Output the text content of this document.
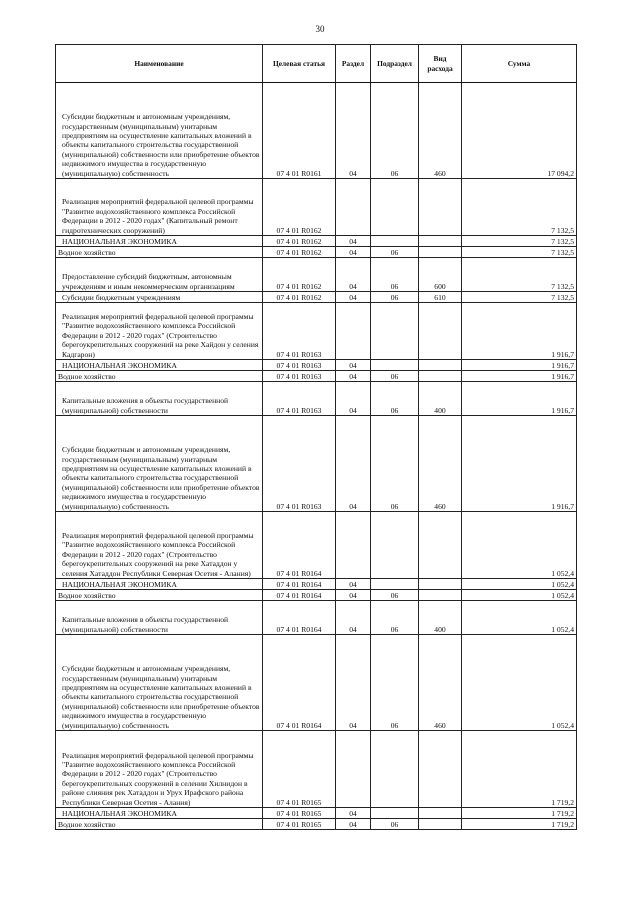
30
Наименование	Целевая статья	Раздел	Подраздел	Вид расхода	Сумма
Субсидии бюджетным и автономным учреждениям, государственным (муниципальным) унитарным предприятиям на осуществление капитальных вложений в объекты капитального строительства государственной (муниципальной) собственности или приобретение объектов недвижимого имущества в государственную (муниципальную) собственность	07 4 01 R0161	04	06	460	17 094,2
Реализация мероприятий федеральной целевой программы "Развитие водохозяйственного комплекса Российской Федерации в 2012 - 2020 годах" (Капитальный ремонт гидротехнических сооружений)	07 4 01 R0162				7 132,5
НАЦИОНАЛЬНАЯ ЭКОНОМИКА	07 4 01 R0162	04			7 132,5
Водное хозяйство	07 4 01 R0162	04	06		7 132,5
Предоставление субсидий бюджетным, автономным учреждениям и иным некоммерческим организациям	07 4 01 R0162	04	06	600	7 132,5
Субсидии бюджетным учреждениям	07 4 01 R0162	04	06	610	7 132,5
Реализация мероприятий федеральной целевой программы "Развитие водохозяйственного комплекса Российской Федерации в 2012 - 2020 годах" (Строительство берегоукрепительных сооружений на реке Хайдон у селения Кадгарон)	07 4 01 R0163				1 916,7
НАЦИОНАЛЬНАЯ ЭКОНОМИКА	07 4 01 R0163	04			1 916,7
Водное хозяйство	07 4 01 R0163	04	06		1 916,7
Капитальные вложения в объекты государственной (муниципальной) собственности	07 4 01 R0163	04	06	400	1 916,7
Субсидии бюджетным и автономным учреждениям, государственным (муниципальным) унитарным предприятиям на осуществление капитальных вложений в объекты капитального строительства государственной (муниципальной) собственности или приобретение объектов недвижимого имущества в государственную (муниципальную) собственность	07 4 01 R0163	04	06	460	1 916,7
Реализация мероприятий федеральной целевой программы "Развитие водохозяйственного комплекса Российской Федерации в 2012 - 2020 годах" (Строительство берегоукрепительных сооружений на реке Хатаддон у селения Хатаддон Республики Северная Осетия - Алания)	07 4 01 R0164				1 052,4
НАЦИОНАЛЬНАЯ ЭКОНОМИКА	07 4 01 R0164	04			1 052,4
Водное хозяйство	07 4 01 R0164	04	06		1 052,4
Капитальные вложения в объекты государственной (муниципальной) собственности	07 4 01 R0164	04	06	400	1 052,4
Субсидии бюджетным и автономным учреждениям, государственным (муниципальным) унитарным предприятиям на осуществление капитальных вложений в объекты капитального строительства государственной (муниципальной) собственности или приобретение объектов недвижимого имущества в государственную (муниципальную) собственность	07 4 01 R0164	04	06	460	1 052,4
Реализация мероприятий федеральной целевой программы "Развитие водохозяйственного комплекса Российской Федерации в 2012 - 2020 годах" (Строительство берегоукрепительных сооружений в селении Хилнидон в районе слияния рек Хатаддон и Урух Ирафского района Республики Северная Осетия - Алания)	07 4 01 R0165				1 719,2
НАЦИОНАЛЬНАЯ ЭКОНОМИКА	07 4 01 R0165	04			1 719,2
Водное хозяйство	07 4 01 R0165	04	06		1 719,2
